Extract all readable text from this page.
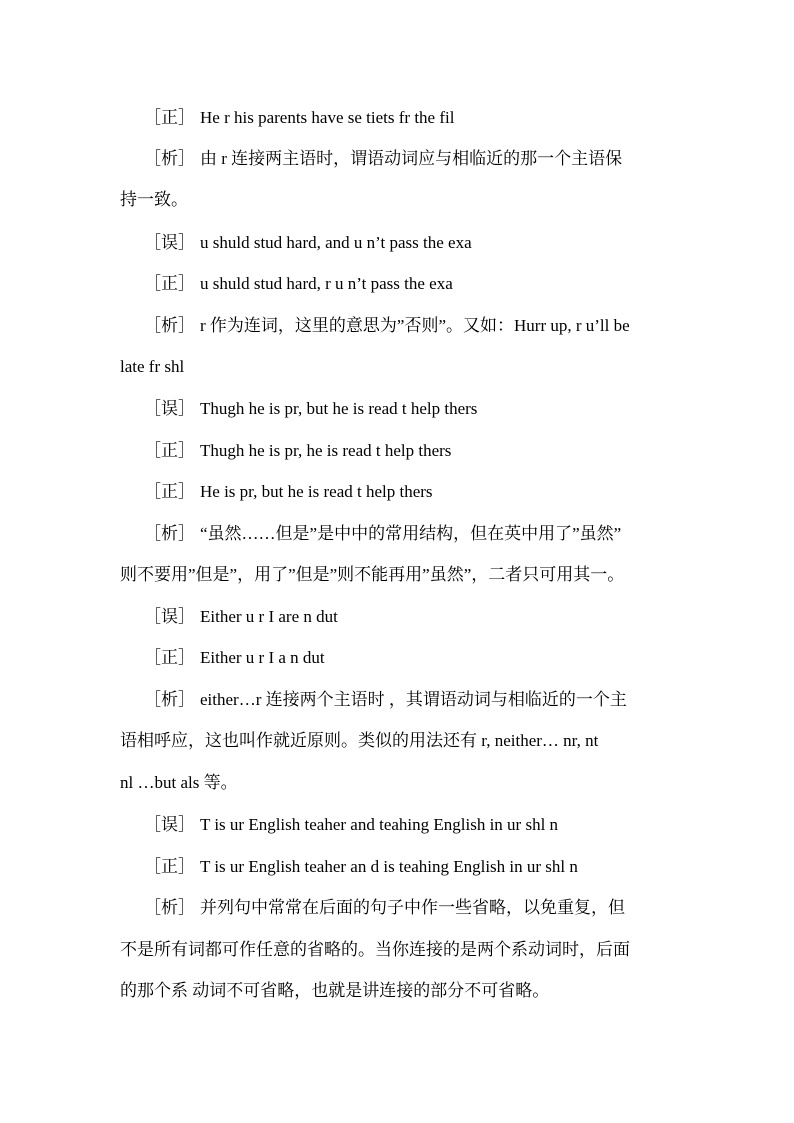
［正］ He r his parents have se tiets fr the fil
［析］ 由 r 连接两主语时，谓语动词应与相临近的那一个主语保
持一致。
［误］ u shuld stud hard, and u n’t pass the exa
［正］ u shuld stud hard, r u n’t pass the exa
［析］ r 作为连词，这里的意思为”否则”。又如：Hurr up, r u’ll be
late fr shl
［误］ Thugh he is pr, but he is read t help thers
［正］ Thugh he is pr, he is read t help thers
［正］ He is pr, but he is read t help thers
［析］ “虽然……但是”是中中的常用结构，但在英中用了”虽然”
则不要用”但是”，用了”但是”则不能再用”虽然”，二者只可用其一。
［误］ Either u r I are n dut
［正］ Either u r I a n dut
［析］ either…r 连接两个主语时 ，其谓语动词与相临近的一个主
语相呼应，这也叫作就近原则。类似的用法还有 r, neither… nr, nt
nl …but als 等。
［误］ T is ur English teaher and teahing English in ur shl n
［正］ T is ur English teaher an d is teahing English in ur shl n
［析］ 并列句中常常在后面的句子中作一些省略，以免重复，但
不是所有词都可作任意的省略的。当你连接的是两个系动词时，后面
的那个系 动词不可省略，也就是讲连接的部分不可省略。
